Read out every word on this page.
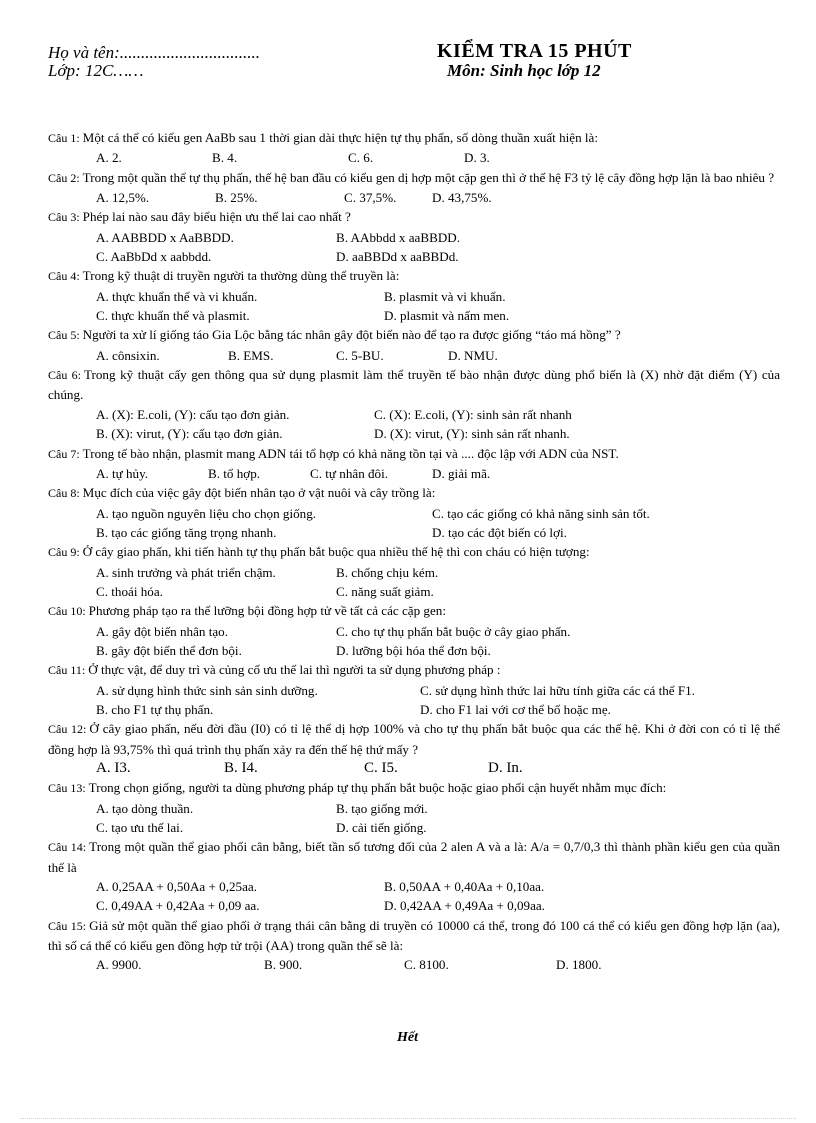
Họ và tên:.................................
Lớp: 12C……
KIỂM TRA 15 PHÚT
Môn: Sinh học lớp 12
Câu 1: Một cá thể có kiểu gen AaBb sau 1 thời gian dài thực hiện tự thụ phấn, số dòng thuần xuất hiện là:
A. 2.	B. 4.	C. 6.	D. 3.
Câu 2: Trong một quần thể tự thụ phấn, thế hệ ban đầu có kiểu gen dị hợp một cặp gen thì ở thế hệ F3 tỷ lệ cây đồng hợp lặn là bao nhiêu ?
A. 12,5%.	B. 25%.	C. 37,5%.	D. 43,75%.
Câu 3: Phép lai nào sau đây biểu hiện ưu thế lai cao nhất ?
A. AABBDD x AaBBDD.	B. AAbbdd x aaBBDD.
C. AaBbDd x aabbdd.	D. aaBBDd x aaBBDd.
Câu 4: Trong kỹ thuật di truyền người ta thường dùng thể truyền là:
A. thực khuẩn thể và vi khuẩn.	B. plasmit và vi khuẩn.
C. thực khuẩn thể và plasmit.	D. plasmit và nấm men.
Câu 5: Người ta xử lí giống táo Gia Lộc bằng tác nhân gây đột biến nào để tạo ra được giống “táo má hồng” ?
A. cônsixin.	B. EMS.	C. 5-BU.	D. NMU.
Câu 6: Trong kỹ thuật cấy gen thông qua sử dụng plasmit làm thể truyền tế bào nhận được dùng phổ biến là (X) nhờ đặt điểm (Y) của chúng.
A. (X): E.coli, (Y): cấu tạo đơn giản.	C. (X): E.coli, (Y): sinh sản rất nhanh
B. (X): virut, (Y): cấu tạo đơn giản.	D. (X): virut, (Y): sinh sản rất nhanh.
Câu 7: Trong tế bào nhận, plasmit mang ADN tái tổ hợp có khả năng tồn tại và .... độc lập với ADN của NST.
A. tự hủy.	B. tổ hợp.	C. tự nhân đôi.	D. giải mã.
Câu 8: Mục đích của việc gây đột biến nhân tạo ở vật nuôi và cây trồng là:
A. tạo nguồn nguyên liệu cho chọn giống.	C. tạo các giống có khả năng sinh sản tốt.
B. tạo các giống tăng trọng nhanh.	D. tạo các đột biến có lợi.
Câu 9: Ở cây giao phấn, khi tiến hành tự thụ phấn bắt buộc qua nhiều thế hệ thì con cháu có hiện tượng:
A. sinh trưởng và phát triển chậm.	B. chống chịu kém.
C. thoái hóa.	C. năng suất giảm.
Câu 10: Phương pháp tạo ra thể lưỡng bội đồng hợp tử về tất cả các cặp gen:
A. gây đột biến nhân tạo.	C. cho tự thụ phấn bắt buộc ở cây giao phấn.
B. gây đột biến thể đơn bội.	D. lưỡng bội hóa thể đơn bội.
Câu 11: Ở thực vật, để duy trì và củng cố ưu thế lai thì người ta sử dụng phương pháp :
A. sử dụng hình thức sinh sản sinh dưỡng.	C. sử dụng hình thức lai hữu tính giữa các cá thể F1.
B. cho F1 tự thụ phấn.	D. cho F1 lai với cơ thể bố hoặc mẹ.
Câu 12: Ở cây giao phấn, nếu đời đầu (I0) có tỉ lệ thể dị hợp 100% và cho tự thụ phấn bắt buộc qua các thế hệ. Khi ở đời con có tỉ lệ thể đồng hợp là 93,75% thì quá trình thụ phấn xảy ra đến thế hệ thứ mấy ?
A. I3.	B. I4.	C. I5.	D. In.
Câu 13: Trong chọn giống, người ta dùng phương pháp tự thụ phấn bắt buộc hoặc giao phối cận huyết nhằm mục đích:
A. tạo dòng thuần.	B. tạo giống mới.
C. tạo ưu thế lai.	D. cải tiến giống.
Câu 14: Trong một quần thể giao phối cân bằng, biết tần số tương đối của 2 alen A và a là: A/a = 0,7/0,3 thì thành phần kiểu gen của quần thể là
A. 0,25AA + 0,50Aa + 0,25aa.	B. 0,50AA + 0,40Aa + 0,10aa.
C. 0,49AA + 0,42Aa + 0,09 aa.	D. 0,42AA + 0,49Aa + 0,09aa.
Câu 15: Giả sử một quần thể giao phối ở trạng thái cân bằng di truyền có 10000 cá thể, trong đó 100 cá thể có kiểu gen đồng hợp lặn (aa), thì số cá thể có kiểu gen đồng hợp tử trội (AA) trong quần thể sẽ là:
A. 9900.	B. 900.	C. 8100.	D. 1800.
Hết
